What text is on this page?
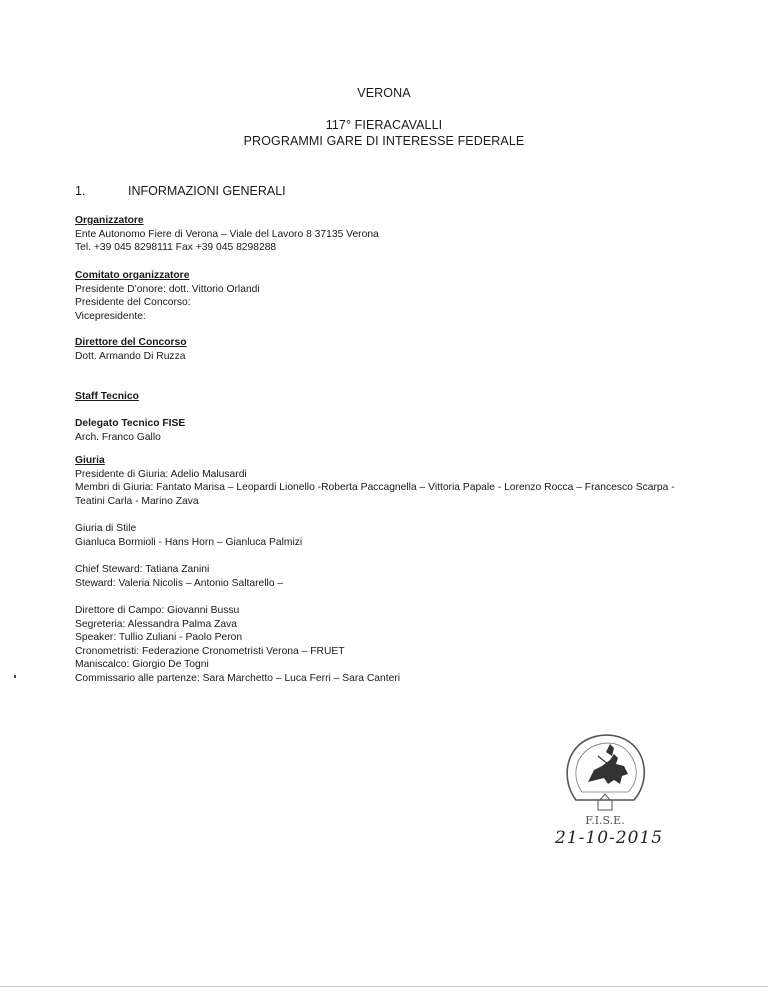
VERONA
117° FIERACAVALLI
PROGRAMMI GARE DI INTERESSE FEDERALE
1.	INFORMAZIONI GENERALI
Organizzatore
Ente Autonomo Fiere di Verona – Viale del Lavoro 8 37135 Verona
Tel. +39 045 8298111 Fax +39 045 8298288
Comitato organizzatore
Presidente D’onore: dott. Vittorio Orlandi
Presidente del Concorso:
Vicepresidente:
Direttore del Concorso
Dott. Armando Di Ruzza
Staff Tecnico
Delegato Tecnico FISE
Arch. Franco Gallo
Giuria
Presidente di Giuria: Adelio Malusardi
Membri di Giuria: Fantato Marisa – Leopardi Lionello -Roberta Paccagnella – Vittoria Papale - Lorenzo Rocca – Francesco Scarpa -
Teatini Carla - Marino Zava
Giuria di Stile
Gianluca Bormioli - Hans Horn – Gianluca Palmizi
Chief Steward: Tatiana Zanini
Steward: Valeria Nicolis – Antonio Saltarello –
Direttore di Campo: Giovanni Bussu
Segreteria: Alessandra Palma Zava
Speaker: Tullio Zuliani - Paolo Peron
Cronometristi: Federazione Cronometristi Verona – FRUET
Maniscalco: Giorgio De Togni
Commissario alle partenze: Sara Marchetto – Luca Ferri – Sara Canteri
F.I.S.E.
21-10-2015
